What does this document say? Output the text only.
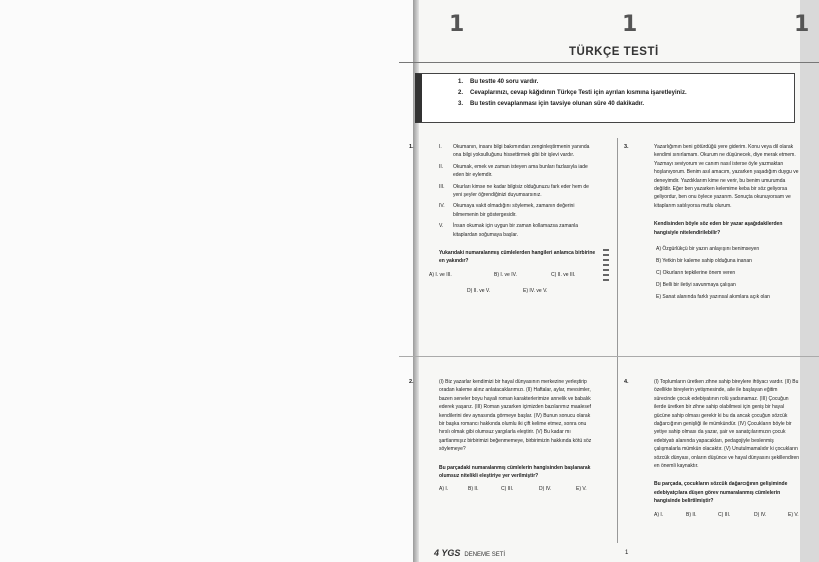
1	1	1
TÜRKÇE TESTİ
1. Bu testte 40 soru vardır.
2. Cevaplarınızı, cevap kâğıdının Türkçe Testi için ayrılan kısmına işaretleyiniz.
3. Bu testin cevaplanması için tavsiye olunan süre 40 dakikadır.
1.	I. Okumanın, insanı bilgi bakımından zenginleştirmenin yanında ona bilgi yoksulluğunu hissettirmek gibi bir işlevi vardır.
II. Okumak, emek ve zaman isteyen ama bunları fazlasıyla iade eden bir eylemdir.
III. Okurları kimse ne kadar bilgisiz olduğunuzu fark eder hem de yeni şeyler öğrendiğinizi duyumsarsınız.
IV. Okumaya vakit olmadığını söylemek, zamanın değerini bilmemenin bir göstergesidir.
V. İnsan okumak için uygun bir zaman kollamazsa zamanla kitaplardan soğumaya başlar.
Yukarıdaki numaralanmış cümlelerden hangileri anlamca birbirine en yakındır?
A) I. ve III.	B) I. ve IV.	C) II. ve III.
D) II. ve V.	E) IV. ve V.
3.	Yazarlığımın beni götürdüğü yere giderim. Konu veya dil olarak kendimi sınırlamam. Okurum ne düşünecek, diye merak etmem. Yazmayı seviyorum ve canım nasıl isterse öyle yazmaktan hoşlanıyorum. Benim asıl amacım, yazarken yaşadığım duygu ve deneyimdir. Yazdıklarım kime ne verir, bu benim umurumda değildir. Eğer ben yazarken kelemime keba bir söz geliyorsa geliyordur, ben onu öylece yazarım. Sonuçta okunuyorsam ve kitaplarım satılıyorsa mutlu olurum.
Kendisinden böyle söz eden bir yazar aşağıdakilerden hangisiyle nitelendirilebilir?
A) Özgürlükçü bir yazın anlayışını benimseyen
B) Yetkin bir kaleme sahip olduğuna inanan
C) Okurların tepkilerine önem veren
D) Belli bir iletiyi savunmaya çalışan
E) Sanat alanında farklı yazınsal akımlara açık olan
2.	(I) Biz yazarlar kendimizi bir hayal dünyasının merkezine yerleştirip oradan kaleme alınz anlatacaklarımızı. (II) Haftalar, aylar, mevsimler, bazen seneler boyu hayali roman karakterlerimize annelik ve babalık ederek yaşarız. (III) Roman yazarken içimizden bazılarımız maalesef kendilerini dev aynasında görmeye başlar. (IV) Bunun sonucu olarak bir başka romancı hakkında olumlu iki çift kelime etmez, sonra onu hırslı olmak gibi olumsuz yargılarla eleştirir. (V) Bu kadar mı şartlanmışız birbirimizi beğenmemeye, birbirimizin hakkında kötü söz söylemeye?
Bu parçadaki numaralanmış cümlelerin hangisinden başlanarak olumsuz nitelikli eleştiriye yer verilmiştir?
A) I.	B) II.	C) III.	D) IV.	E) V.
4.	(I) Toplumların üretken zihne sahip bireylere ihtiyacı vardır. (II) Bu özellikte bireylerin yetişmesinde, aile ile başlayan eğitim sürecinde çocuk edebiyatının rolü yadsınamaz. (III) Çocuğun ilerde üretken bir zihne sahip olabilmesi için geniş bir hayal gücüne sahip olması gerekir ki bu da ancak çocuğun sözcük dağarcığının genişliği ile mümkündür. (IV) Çocukların böyle bir yetiye sahip olması da yazar, şair ve sanatçılarımızın çocuk edebiyatı alanında yapacakları, pedagojiyle beslenmiş çalışmalarla mümkün olacaktır. (V) Unutulmamalıdır ki çocukların sözcük dünyası, onların düşünce ve hayal dünyasını şekillendiren en önemli kaynaktır.
Bu parçada, çocukların sözcük dağarcığının gelişiminde edebiyatçılara düşen görev numaralanmış cümlelerin hangisinde belirtilmiştir?
A) I.	B) II.	C) III.	D) IV.	E) V.
4 YGS DENEME SETİ	1
